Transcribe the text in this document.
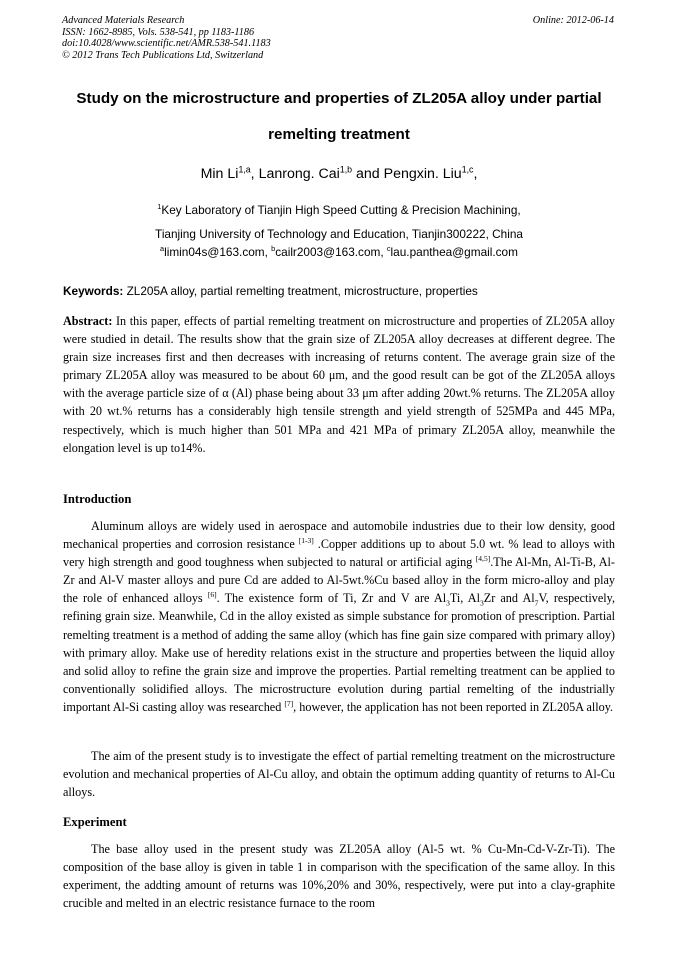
Advanced Materials Research
ISSN: 1662-8985, Vols. 538-541, pp 1183-1186
doi:10.4028/www.scientific.net/AMR.538-541.1183
© 2012 Trans Tech Publications Ltd, Switzerland
Online: 2012-06-14
Study on the microstructure and properties of ZL205A alloy under partial
remelting treatment
Min Li$^{1,a}$, Lanrong. Cai$^{1,b}$ and Pengxin. Liu$^{1,c}$,
$^1$Key Laboratory of Tianjin High Speed Cutting & Precision Machining,
Tianjing University of Technology and Education, Tianjin300222, China
$^a$limin04s@163.com, $^b$cailr2003@163.com, $^c$lau.panthea@gmail.com
Keywords: ZL205A alloy, partial remelting treatment, microstructure, properties
Abstract: In this paper, effects of partial remelting treatment on microstructure and properties of ZL205A alloy were studied in detail. The results show that the grain size of ZL205A alloy decreases at different degree. The grain size increases first and then decreases with increasing of returns content. The average grain size of the primary ZL205A alloy was measured to be about 60 μm, and the good result can be got of the ZL205A alloys with the average particle size of α (Al) phase being about 33 μm after adding 20wt.% returns. The ZL205A alloy with 20 wt.% returns has a considerably high tensile strength and yield strength of 525MPa and 445 MPa, respectively, which is much higher than 501 MPa and 421 MPa of primary ZL205A alloy, meanwhile the elongation level is up to14%.
Introduction
Aluminum alloys are widely used in aerospace and automobile industries due to their low density, good mechanical properties and corrosion resistance [1-3] .Copper additions up to about 5.0 wt. % lead to alloys with very high strength and good toughness when subjected to natural or artificial aging [4,5].The Al-Mn, Al-Ti-B, Al-Zr and Al-V master alloys and pure Cd are added to Al-5wt.%Cu based alloy in the form micro-alloy and play the role of enhanced alloys [6]. The existence form of Ti, Zr and V are $Al_3Ti$, $Al_3Zr$ and $Al_7V$, respectively, refining grain size. Meanwhile, Cd in the alloy existed as simple substance for promotion of prescription. Partial remelting treatment is a method of adding the same alloy (which has fine gain size compared with primary alloy) with primary alloy. Make use of heredity relations exist in the structure and properties between the liquid alloy and solid alloy to refine the grain size and improve the properties. Partial remelting treatment can be applied to conventionally solidified alloys. The microstructure evolution during partial remelting of the industrially important Al-Si casting alloy was researched [7], however, the application has not been reported in ZL205A alloy.
The aim of the present study is to investigate the effect of partial remelting treatment on the microstructure evolution and mechanical properties of Al-Cu alloy, and obtain the optimum adding quantity of returns to Al-Cu alloys.
Experiment
The base alloy used in the present study was ZL205A alloy (Al-5 wt. % Cu-Mn-Cd-V-Zr-Ti). The composition of the base alloy is given in table 1 in comparison with the specification of the same alloy. In this experiment, the addting amount of returns was 10%,20% and 30%, respectively, were put into a clay-graphite crucible and melted in an electric resistance furnace to the room
